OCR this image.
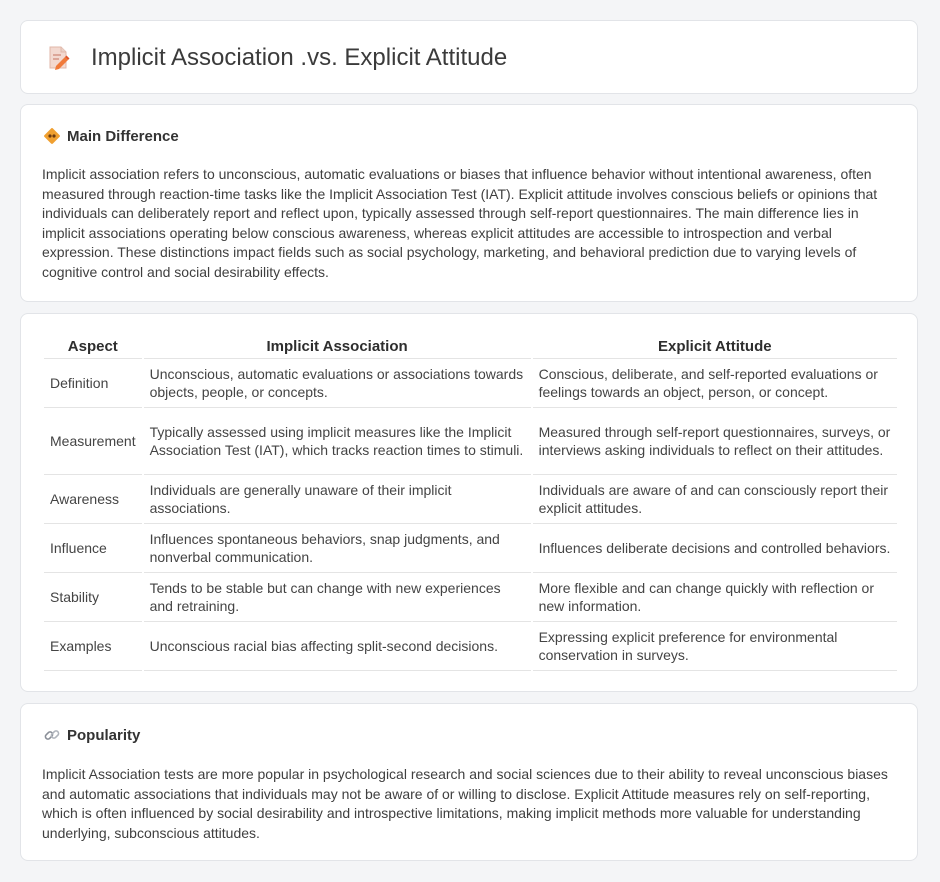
Implicit Association .vs. Explicit Attitude
Main Difference

Implicit association refers to unconscious, automatic evaluations or biases that influence behavior without intentional awareness, often measured through reaction-time tasks like the Implicit Association Test (IAT). Explicit attitude involves conscious beliefs or opinions that individuals can deliberately report and reflect upon, typically assessed through self-report questionnaires. The main difference lies in implicit associations operating below conscious awareness, whereas explicit attitudes are accessible to introspection and verbal expression. These distinctions impact fields such as social psychology, marketing, and behavioral prediction due to varying levels of cognitive control and social desirability effects.

Aspect	Implicit Association	Explicit Attitude
Definition	Unconscious, automatic evaluations or associations towards objects, people, or concepts.	Conscious, deliberate, and self-reported evaluations or feelings towards an object, person, or concept.
Measurement	Typically assessed using implicit measures like the Implicit Association Test (IAT), which tracks reaction times to stimuli.	Measured through self-report questionnaires, surveys, or interviews asking individuals to reflect on their attitudes.
Awareness	Individuals are generally unaware of their implicit associations.	Individuals are aware of and can consciously report their explicit attitudes.
Influence	Influences spontaneous behaviors, snap judgments, and nonverbal communication.	Influences deliberate decisions and controlled behaviors.
Stability	Tends to be stable but can change with new experiences and retraining.	More flexible and can change quickly with reflection or new information.
Examples	Unconscious racial bias affecting split-second decisions.	Expressing explicit preference for environmental conservation in surveys.
Popularity

Implicit Association tests are more popular in psychological research and social sciences due to their ability to reveal unconscious biases and automatic associations that individuals may not be aware of or willing to disclose. Explicit Attitude measures rely on self-reporting, which is often influenced by social desirability and introspective limitations, making implicit methods more valuable for understanding underlying, subconscious attitudes.
